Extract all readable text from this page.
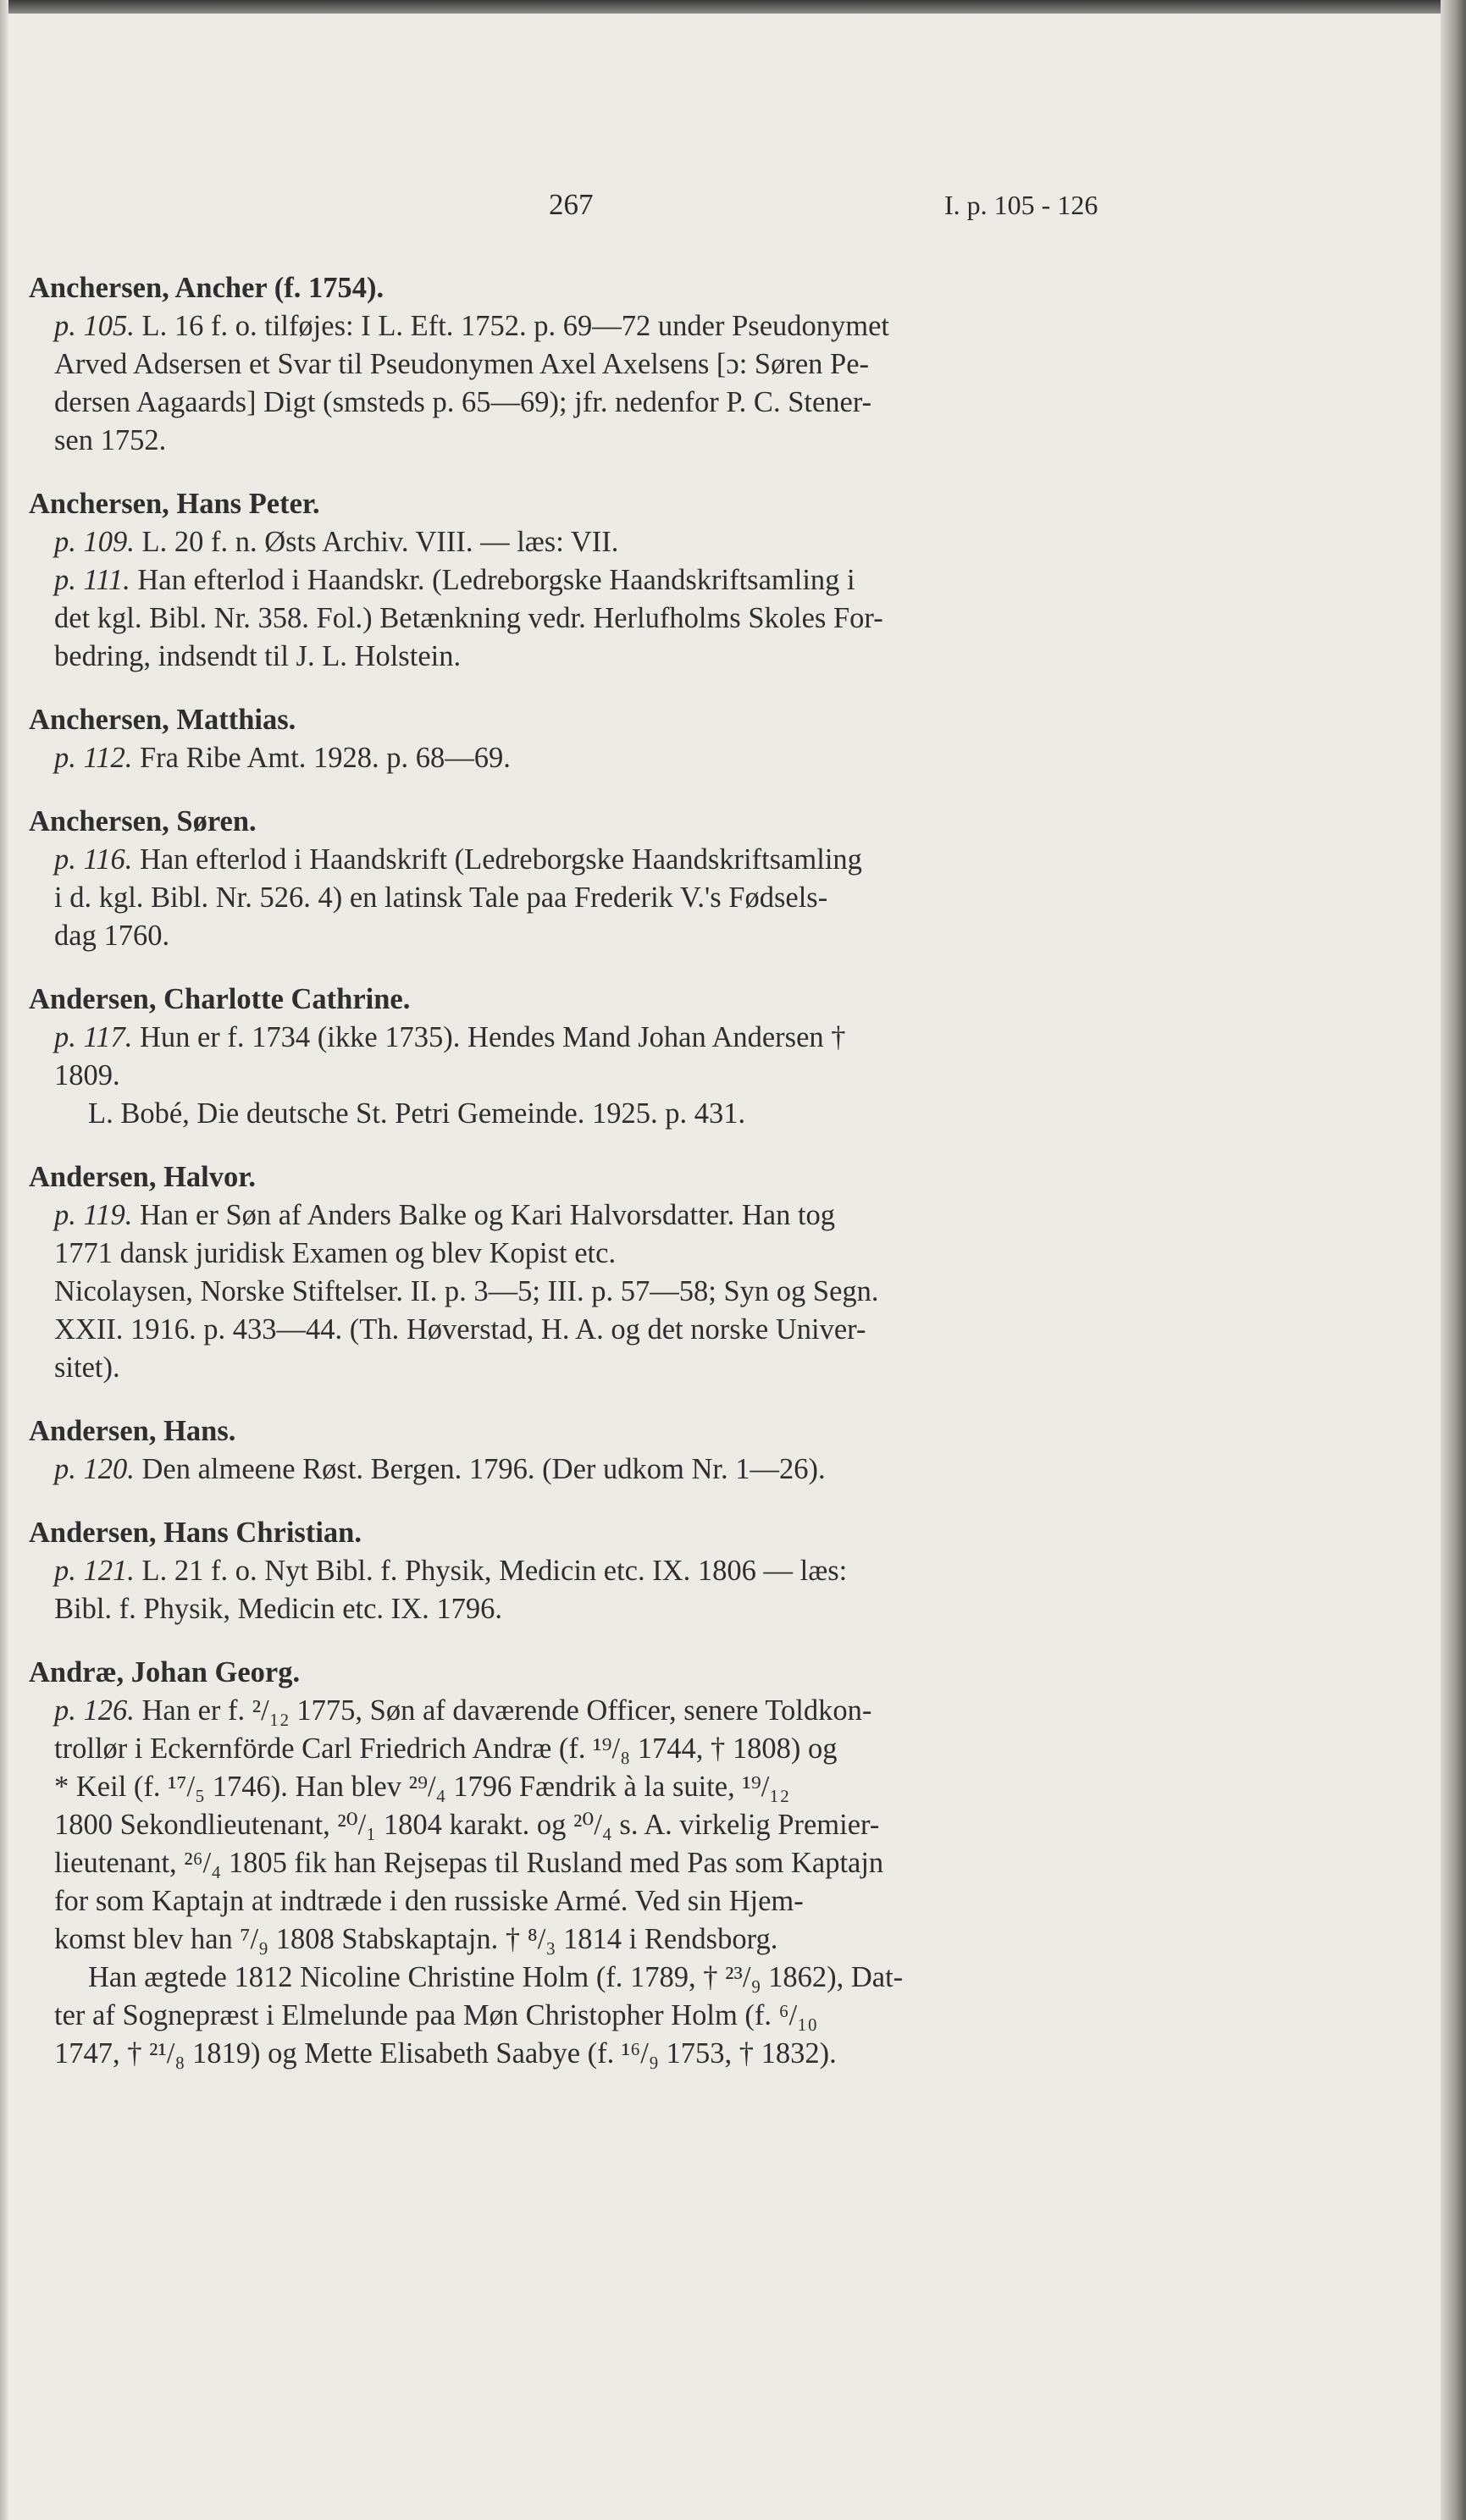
267	I. p. 105 - 126

Anchersen, Ancher (f. 1754).

p. 105. L. 16 f. o. tilføjes: I L. Eft. 1752. p. 69—72 under Pseudonymet

Arved Adsersen et Svar til Pseudonymen Axel Axelsens [ɔ: Søren Pe-

dersen Aagaards] Digt (smsteds p. 65—69); jfr. nedenfor P. C. Stener-

sen 1752.

Anchersen, Hans Peter.

p. 109. L. 20 f. n. Østs Archiv. VIII. — læs: VII.

p. 111. Han efterlod i Haandskr. (Ledreborgske Haandskriftsamling i

det kgl. Bibl. Nr. 358. Fol.) Betænkning vedr. Herlufholms Skoles For-

bedring, indsendt til J. L. Holstein.

Anchersen, Matthias.

p. 112. Fra Ribe Amt. 1928. p. 68—69.

Anchersen, Søren.

p. 116. Han efterlod i Haandskrift (Ledreborgske Haandskriftsamling

i d. kgl. Bibl. Nr. 526. 4) en latinsk Tale paa Frederik V.'s Fødsels-

dag 1760.

Andersen, Charlotte Cathrine.

p. 117. Hun er f. 1734 (ikke 1735). Hendes Mand Johan Andersen †

1809.

L. Bobé, Die deutsche St. Petri Gemeinde. 1925. p. 431.

Andersen, Halvor.

p. 119. Han er Søn af Anders Balke og Kari Halvorsdatter. Han tog

1771 dansk juridisk Examen og blev Kopist etc.

Nicolaysen, Norske Stiftelser. II. p. 3—5; III. p. 57—58; Syn og Segn.

XXII. 1916. p. 433—44. (Th. Høverstad, H. A. og det norske Univer-

sitet).

Andersen, Hans.

p. 120. Den almeene Røst. Bergen. 1796. (Der udkom Nr. 1—26).

Andersen, Hans Christian.

p. 121. L. 21 f. o. Nyt Bibl. f. Physik, Medicin etc. IX. 1806 — læs:

Bibl. f. Physik, Medicin etc. IX. 1796.

Andræ, Johan Georg.

p. 126. Han er f. ²/₁₂ 1775, Søn af daværende Officer, senere Toldkon-

trollør i Eckernförde Carl Friedrich Andræ (f. ¹⁹/₈ 1744, † 1808) og

* Keil (f. ¹⁷/₅ 1746). Han blev ²⁹/₄ 1796 Fændrik à la suite, ¹⁹/₁₂

1800 Sekondlieutenant, ²⁰/₁ 1804 karakt. og ²⁰/₄ s. A. virkelig Premier-

lieutenant, ²⁶/₄ 1805 fik han Rejsepas til Rusland med Pas som Kaptajn

for som Kaptajn at indtræde i den russiske Armé. Ved sin Hjem-

komst blev han ⁷/₉ 1808 Stabskaptajn. † ⁸/₃ 1814 i Rendsborg.

Han ægtede 1812 Nicoline Christine Holm (f. 1789, † ²³/₉ 1862), Dat-

ter af Sognepræst i Elmelunde paa Møn Christopher Holm (f. ⁶/₁₀

1747, † ²¹/₈ 1819) og Mette Elisabeth Saabye (f. ¹⁶/₉ 1753, † 1832).
